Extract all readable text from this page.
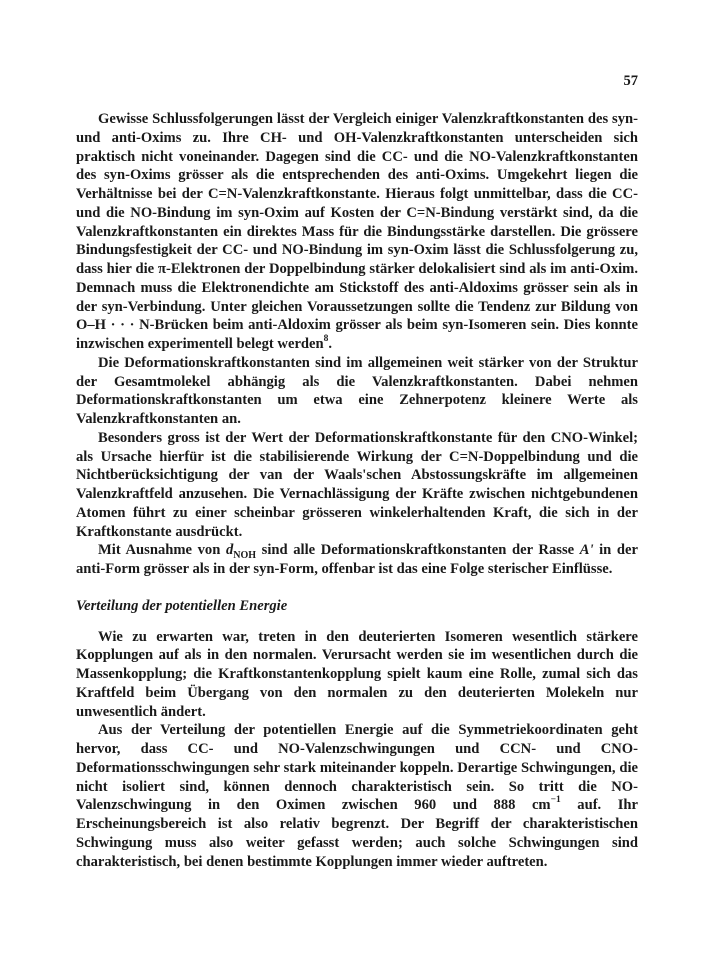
57

Gewisse Schlussfolgerungen lässt der Vergleich einiger Valenzkraftkonstanten des syn- und anti-Oxims zu. Ihre CH- und OH-Valenzkraftkonstanten unterscheiden sich praktisch nicht voneinander. Dagegen sind die CC- und die NO-Valenzkraftkonstanten des syn-Oxims grösser als die entsprechenden des anti-Oxims. Umgekehrt liegen die Verhältnisse bei der C=N-Valenzkraftkonstante. Hieraus folgt unmittelbar, dass die CC- und die NO-Bindung im syn-Oxim auf Kosten der C=N-Bindung verstärkt sind, da die Valenzkraftkonstanten ein direktes Mass für die Bindungsstärke darstellen. Die grössere Bindungsfestigkeit der CC- und NO-Bindung im syn-Oxim lässt die Schlussfolgerung zu, dass hier die π-Elektronen der Doppelbindung stärker delokalisiert sind als im anti-Oxim. Demnach muss die Elektronendichte am Stickstoff des anti-Aldoxims grösser sein als in der syn-Verbindung. Unter gleichen Voraussetzungen sollte die Tendenz zur Bildung von O–H · · · N-Brücken beim anti-Aldoxim grösser als beim syn-Isomeren sein. Dies konnte inzwischen experimentell belegt werden$^8$.

Die Deformationskraftkonstanten sind im allgemeinen weit stärker von der Struktur der Gesamtmolekel abhängig als die Valenzkraftkonstanten. Dabei nehmen Deformationskraftkonstanten um etwa eine Zehnerpotenz kleinere Werte als Valenzkraftkonstanten an.

Besonders gross ist der Wert der Deformationskraftkonstante für den CNO-Winkel; als Ursache hierfür ist die stabilisierende Wirkung der C=N-Doppelbindung und die Nichtberücksichtigung der van der Waals'schen Abstossungskräfte im allgemeinen Valenzkraftfeld anzusehen. Die Vernachlässigung der Kräfte zwischen nichtgebundenen Atomen führt zu einer scheinbar grösseren winkelerhaltenden Kraft, die sich in der Kraftkonstante ausdrückt.

Mit Ausnahme von $d_{NOH}$ sind alle Deformationskraftkonstanten der Rasse A' in der anti-Form grösser als in der syn-Form, offenbar ist das eine Folge sterischer Einflüsse.

Verteilung der potentiellen Energie

Wie zu erwarten war, treten in den deuterierten Isomeren wesentlich stärkere Kopplungen auf als in den normalen. Verursacht werden sie im wesentlichen durch die Massenkopplung; die Kraftkonstantenkopplung spielt kaum eine Rolle, zumal sich das Kraftfeld beim Übergang von den normalen zu den deuterierten Molekeln nur unwesentlich ändert.

Aus der Verteilung der potentiellen Energie auf die Symmetriekoordinaten geht hervor, dass CC- und NO-Valenzschwingungen und CCN- und CNO-Deformationsschwingungen sehr stark miteinander koppeln. Derartige Schwingungen, die nicht isoliert sind, können dennoch charakteristisch sein. So tritt die NO-Valenzschwingung in den Oximen zwischen 960 und 888 $cm^{-1}$ auf. Ihr Erscheinungsbereich ist also relativ begrenzt. Der Begriff der charakteristischen Schwingung muss also weiter gefasst werden; auch solche Schwingungen sind charakteristisch, bei denen bestimmte Kopplungen immer wieder auftreten.
